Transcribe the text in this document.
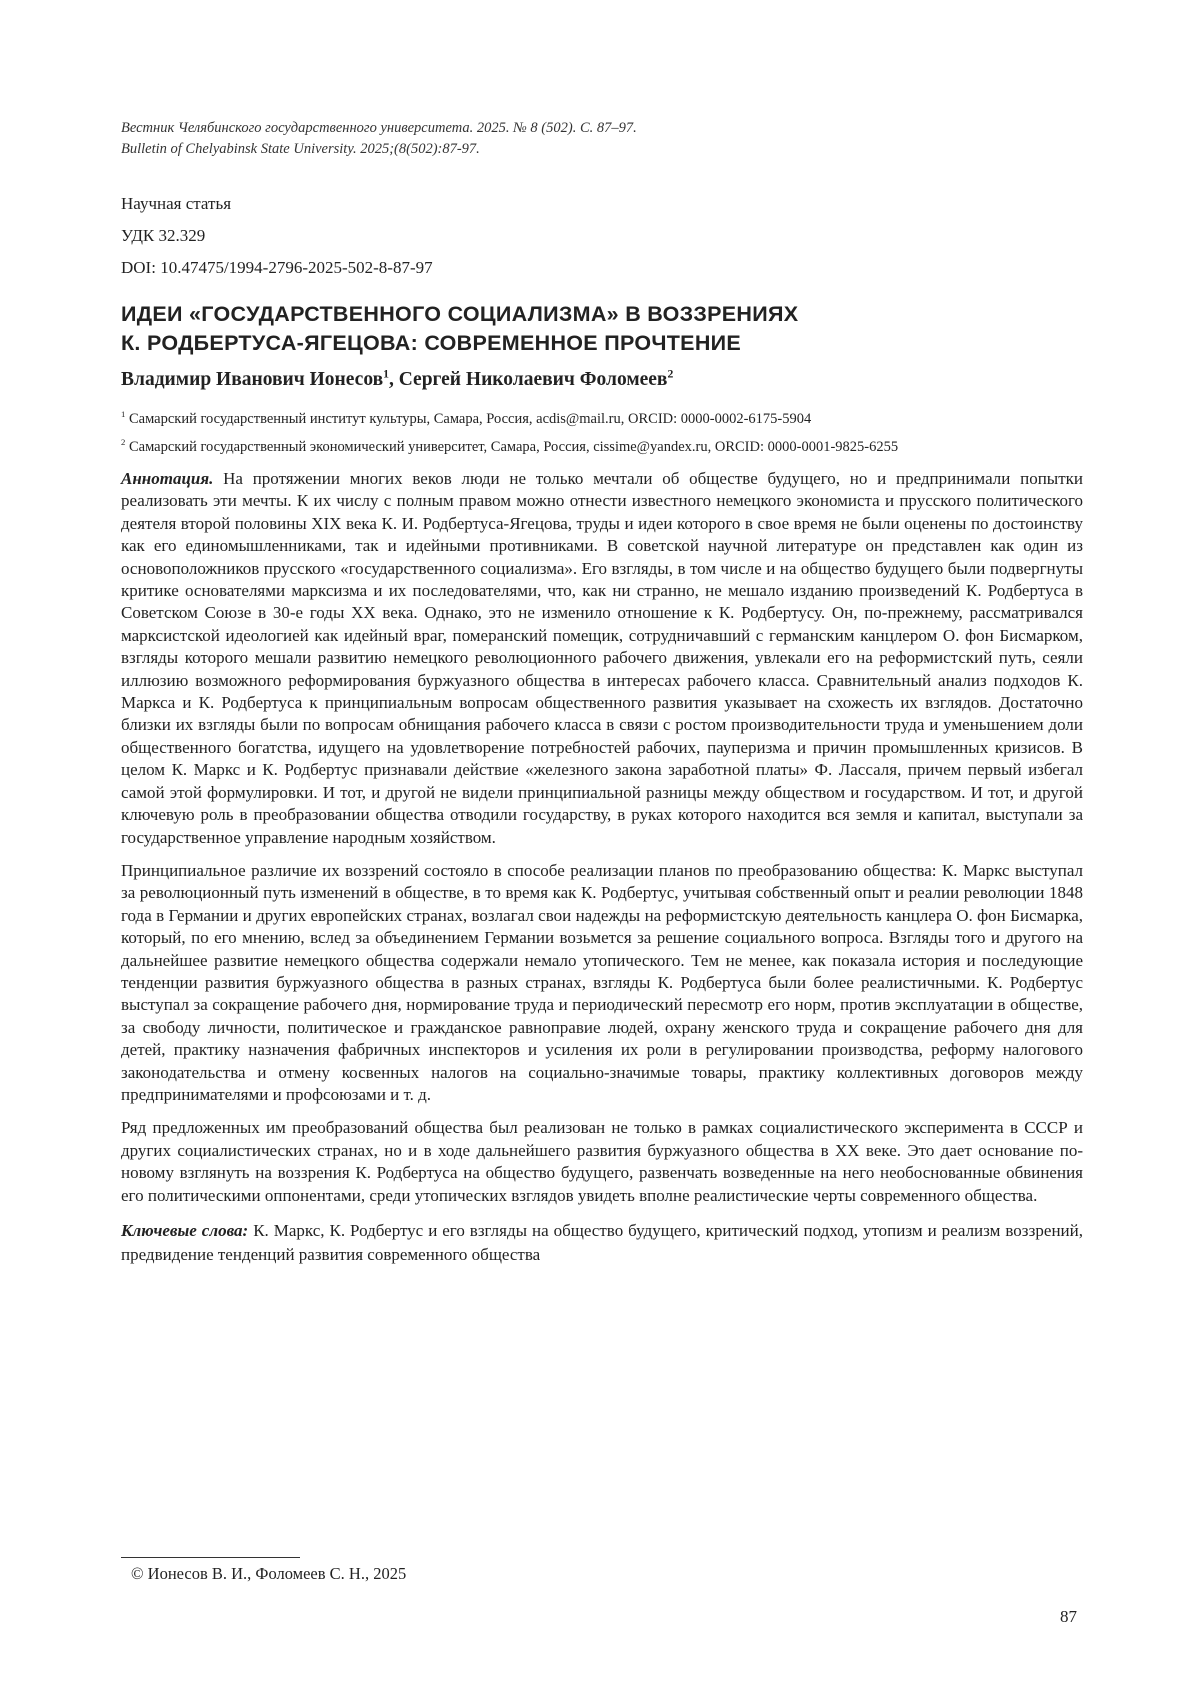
Вестник Челябинского государственного университета. 2025. № 8 (502). С. 87–97.
Bulletin of Chelyabinsk State University. 2025;(8(502):87-97.
Научная статья
УДК 32.329
DOI: 10.47475/1994-2796-2025-502-8-87-97
ИДЕИ «ГОСУДАРСТВЕННОГО СОЦИАЛИЗМА» В ВОЗЗРЕНИЯХ
К. РОДБЕРТУСА-ЯГЕЦОВА: СОВРЕМЕННОЕ ПРОЧТЕНИЕ
Владимир Иванович Ионесов$^1$, Сергей Николаевич Фоломеев$^2$
$^1$ Самарский государственный институт культуры, Самара, Россия, acdis@mail.ru, ORCID: 0000-0002-6175-5904
$^2$ Самарский государственный экономический университет, Самара, Россия, cissime@yandex.ru, ORCID: 0000-0001-9825-6255

Аннотация. На протяжении многих веков люди не только мечтали об обществе будущего, но и предпринимали попытки реализовать эти мечты. К их числу с полным правом можно отнести известного немецкого экономиста и прусского политического деятеля второй половины XIX века К. И. Родбертуса-Ягецова, труды и идеи которого в свое время не были оценены по достоинству как его единомышленниками, так и идейными противниками. В советской научной литературе он представлен как один из основоположников прусского «государственного социализма». Его взгляды, в том числе и на общество будущего были подвергнуты критике основателями марксизма и их последователями, что, как ни странно, не мешало изданию произведений К. Родбертуса в Советском Союзе в 30-е годы XX века. Однако, это не изменило отношение к К. Родбертусу. Он, по-прежнему, рассматривался марксистской идеологией как идейный враг, померанский помещик, сотрудничавший с германским канцлером О. фон Бисмарком, взгляды которого мешали развитию немецкого революционного рабочего движения, увлекали его на реформистский путь, сеяли иллюзию возможного реформирования буржуазного общества в интересах рабочего класса. Сравнительный анализ подходов К. Маркса и К. Родбертуса к принципиальным вопросам общественного развития указывает на схожесть их взглядов. Достаточно близки их взгляды были по вопросам обнищания рабочего класса в связи с ростом производительности труда и уменьшением доли общественного богатства, идущего на удовлетворение потребностей рабочих, пауперизма и причин промышленных кризисов. В целом К. Маркс и К. Родбертус признавали действие «железного закона заработной платы» Ф. Лассаля, причем первый избегал самой этой формулировки. И тот, и другой не видели принципиальной разницы между обществом и государством. И тот, и другой ключевую роль в преобразовании общества отводили государству, в руках которого находится вся земля и капитал, выступали за государственное управление народным хозяйством.

Принципиальное различие их воззрений состояло в способе реализации планов по преобразованию общества: К. Маркс выступал за революционный путь изменений в обществе, в то время как К. Родбертус, учитывая собственный опыт и реалии революции 1848 года в Германии и других европейских странах, возлагал свои надежды на реформистскую деятельность канцлера О. фон Бисмарка, который, по его мнению, вслед за объединением Германии возьмется за решение социального вопроса. Взгляды того и другого на дальнейшее развитие немецкого общества содержали немало утопического. Тем не менее, как показала история и последующие тенденции развития буржуазного общества в разных странах, взгляды К. Родбертуса были более реалистичными. К. Родбертус выступал за сокращение рабочего дня, нормирование труда и периодический пересмотр его норм, против эксплуатации в обществе, за свободу личности, политическое и гражданское равноправие людей, охрану женского труда и сокращение рабочего дня для детей, практику назначения фабричных инспекторов и усиления их роли в регулировании производства, реформу налогового законодательства и отмену косвенных налогов на социально-значимые товары, практику коллективных договоров между предпринимателями и профсоюзами и т. д.

Ряд предложенных им преобразований общества был реализован не только в рамках социалистического эксперимента в СССР и других социалистических странах, но и в ходе дальнейшего развития буржуазного общества в XX веке. Это дает основание по-новому взглянуть на воззрения К. Родбертуса на общество будущего, развенчать возведенные на него необоснованные обвинения его политическими оппонентами, среди утопических взглядов увидеть вполне реалистические черты современного общества.

Ключевые слова: К. Маркс, К. Родбертус и его взгляды на общество будущего, критический подход, утопизм и реализм воззрений, предвидение тенденций развития современного общества
© Ионесов В. И., Фоломеев С. Н., 2025
87
